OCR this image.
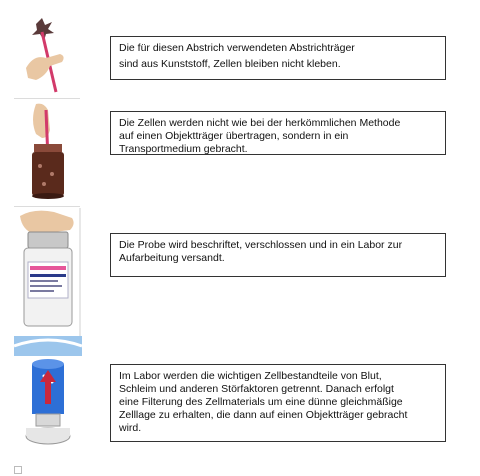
Die für diesen Abstrich verwendeten Abstrichträger
sind aus Kunststoff, Zellen bleiben nicht kleben.
Die Zellen werden nicht wie bei der herkömmlichen Methode
auf einen Objektträger übertragen, sondern in ein
Transportmedium gebracht.
Die Probe wird beschriftet, verschlossen und in ein Labor zur
Aufarbeitung versandt.
Im Labor werden die wichtigen Zellbestandteile von Blut,
Schleim und anderen Störfaktoren getrennt. Danach erfolgt
eine Filterung des Zellmaterials um eine dünne gleichmäßige
Zelllage zu erhalten, die dann auf einen Objektträger gebracht
wird.
